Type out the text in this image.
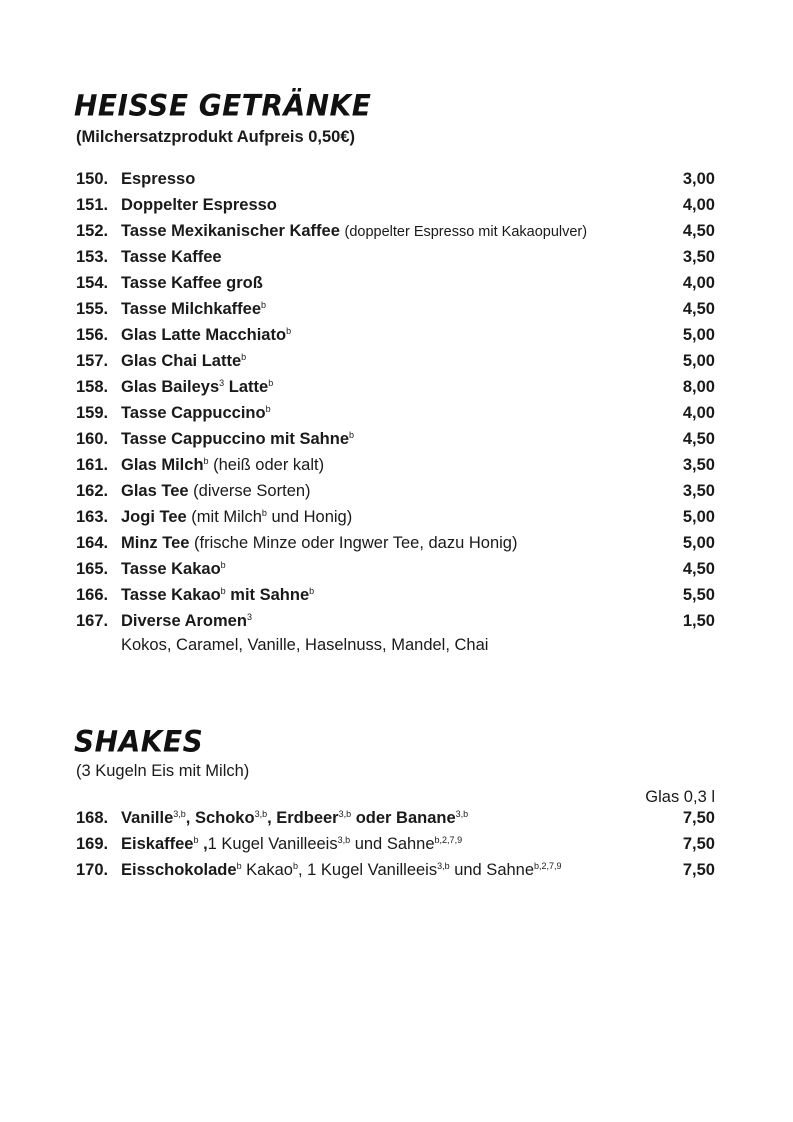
HEISSE GETRÄNKE
(Milchersatzprodukt Aufpreis 0,50€)
150. Espresso	3,00
151. Doppelter Espresso	4,00
152. Tasse Mexikanischer Kaffee (doppelter Espresso mit Kakaopulver)	4,50
153. Tasse Kaffee	3,50
154. Tasse Kaffee groß	4,00
155. Tasse Milchkaffee$^b$	4,50
156. Glas Latte Macchiato$^b$	5,00
157. Glas Chai Latte$^b$	5,00
158. Glas Baileys$^3$ Latte$^b$	8,00
159. Tasse Cappuccino$^b$	4,00
160. Tasse Cappuccino mit Sahne$^b$	4,50
161. Glas Milch$^b$ (heiß oder kalt)	3,50
162. Glas Tee (diverse Sorten)	3,50
163. Jogi Tee (mit Milch$^b$ und Honig)	5,00
164. Minz Tee (frische Minze oder Ingwer Tee, dazu Honig)	5,00
165. Tasse Kakao$^b$	4,50
166. Tasse Kakao$^b$ mit Sahne$^b$	5,50
167. Diverse Aromen$^3$	1,50
Kokos, Caramel, Vanille, Haselnuss, Mandel, Chai
SHAKES
(3 Kugeln Eis mit Milch)
Glas 0,3 l
168. Vanille$^{3,b}$, Schoko$^{3,b}$, Erdbeer$^{3,b}$ oder Banane$^{3,b}$	7,50
169. Eiskaffee$^b$ ,1 Kugel Vanilleeis$^{3,b}$ und Sahne$^{b,2,7,9}$	7,50
170. Eisschokolade$^b$ Kakao$^b$, 1 Kugel Vanilleeis$^{3,b}$ und Sahne$^{b,2,7,9}$	7,50
